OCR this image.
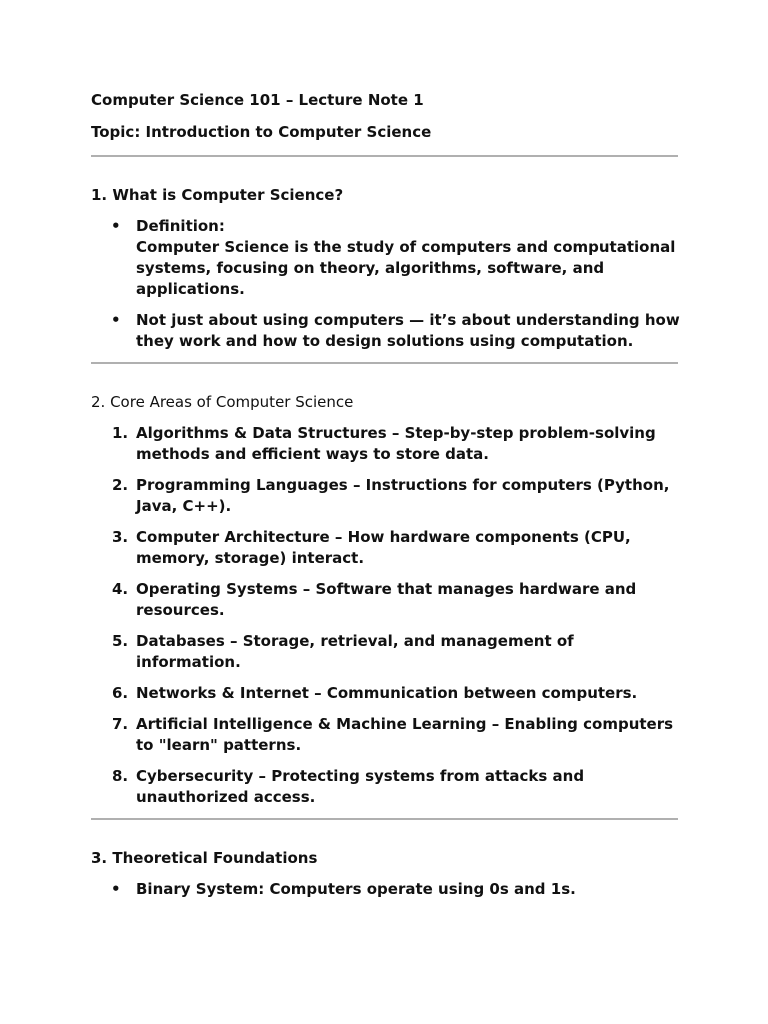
Computer Science 101 – Lecture Note 1

Topic: Introduction to Computer Science

1. What is Computer Science?

• Definition:
Computer Science is the study of computers and computational systems, focusing on theory, algorithms, software, and applications.
• Not just about using computers — it’s about understanding how they work and how to design solutions using computation.

2. Core Areas of Computer Science

1. Algorithms & Data Structures – Step-by-step problem-solving methods and efficient ways to store data.
2. Programming Languages – Instructions for computers (Python, Java, C++).
3. Computer Architecture – How hardware components (CPU, memory, storage) interact.
4. Operating Systems – Software that manages hardware and resources.
5. Databases – Storage, retrieval, and management of information.
6. Networks & Internet – Communication between computers.
7. Artificial Intelligence & Machine Learning – Enabling computers to "learn" patterns.
8. Cybersecurity – Protecting systems from attacks and unauthorized access.

3. Theoretical Foundations

• Binary System: Computers operate using 0s and 1s.
